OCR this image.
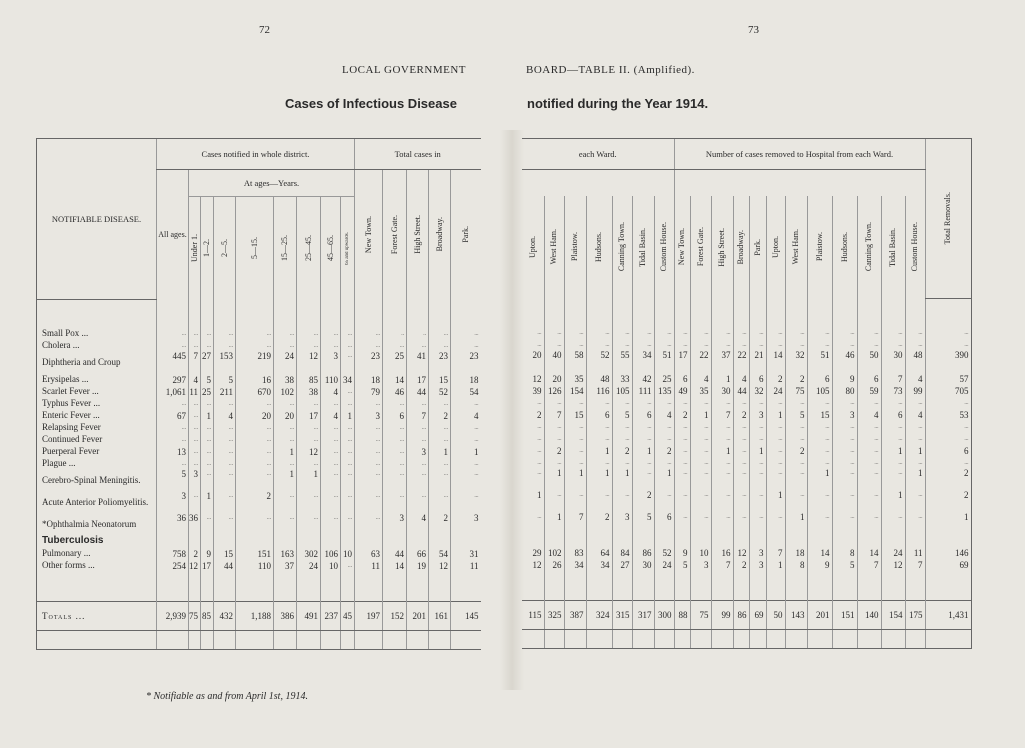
72	73
LOCAL GOVERNMENT	BOARD—TABLE II. (Amplified).
Cases of Infectious Disease	notified during the Year 1914.
NOTIFIABLE DISEASE.	Cases notified in whole district.									Total cases in				
	All ages.	At ages—Years.								New Town.	Forest Gate.	High Street.	Broadway.	Park.

		Under 1.	1—2.	2—5.	5—15.	15—25.	25—45.	45—65.	65 and upwards.					

Small Pox ...	...	...	...	...	...	...	...	...	...	...	..	..	...	...
Cholera ...	...	...	...	...	...	...	...	...	...	...	...	...	...	...
Diphtheria and Croup	445	7	27	153	219	24	12	3	...	23	25	41	23	23
Erysipelas ...	297	4	5	5	16	38	85	110	34	18	14	17	15	18
Scarlet Fever ...	1,061	11	25	211	670	102	38	4	...	79	46	44	52	54
Typhus Fever ...	...	...	...	...	...	...	...	...	...	...	...	...	...	...
Enteric Fever ...	67	...	1	4	20	20	17	4	1	3	6	7	2	4
Relapsing Fever	...	...	...	...	...	...	...	...	...	...	...	...	...	...
Continued Fever	...	...	...	...	...	...	...	...	...	...	...	...	...	...
Puerperal Fever	13	...	...	...	...	1	12	...	...	...	...	3	1	1
Plague ...	...	...	...	...	...	...	...	...	...	...	...	...	...	...
Cerebro-Spinal Meningitis.	5	3	...	...	...	1	1	...	...	...	...	...	...	...
Acute Anterior Poliomyelitis.	3	...	1	...	2	...	...	...	...	...	...	...	...	...
*Ophthalmia Neonatorum	36	36	...	...	...	...	...	...	...	...	3	4	2	3
Tuberculosis														
Pulmonary ...	758	2	9	15	151	163	302	106	10	63	44	66	54	31
Other forms ...	254	12	17	44	110	37	24	10	...	11	14	19	12	11

Totals ...	2,939	75	85	432	1,188	386	491	237	45	197	152	201	161	145

each Ward.							Number of cases removed to Hospital from each Ward.												Total Removals.

Upton.	West Ham.	Plaistow.	Hudsons.	Canning Town.	Tidal Basin.	Custom House.	New Town.	Forest Gate.	High Street.	Broadway.	Park.	Upton.	West Ham.	Plaistow.	Hudsons.	Canning Town.	Tidal Basin.	Custom House.	

...	...	...	...	...	...	...	...	...	...	...	...	...	...	...	...	...	...	...	...
...	...	...	...	...	...	...	...	...	...	...	...	...	...	...	...	...	...	...	...
20	40	58	52	55	34	51	17	22	37	22	21	14	32	51	46	50	30	48	390
12	20	35	48	33	42	25	6	4	1	4	6	2	2	6	9	6	7	4	57
39	126	154	116	105	111	135	49	35	30	44	32	24	75	105	80	59	73	99	705
...	...	...	...	...	...	...	...	...	...	...	...	...	...	...	...	...	...	...	...
2	7	15	6	5	6	4	2	1	7	2	3	1	5	15	3	4	6	4	53
...	...	...	...	...	...	...	...	...	...	...	...	...	...	...	...	...	...	...	...
...	...	...	...	...	...	...	...	...	...	...	...	...	...	...	...	...	...	...	...
...	2	...	1	2	1	2	...	...	1	...	1	...	2	...	...	...	1	1	6
...	...	...	...	...	...	...	...	...	...	...	...	...	...	...	...	...	...	...	...
...	1	1	1	1	...	1	...	...	...	...	...	...	...	1	...	...	...	1	2
1	...	...	...	...	2	...	...	...	...	...	...	1	...	...	...	...	1	...	2
...	1	7	2	3	5	6	...	...	...	...	...	...	1	...	...	...	...	...	1

29	102	83	64	84	86	52	9	10	16	12	3	7	18	14	8	14	24	11	146
12	26	34	34	27	30	24	5	3	7	2	3	1	8	9	5	7	12	7	69

115	325	387	324	315	317	300	88	75	99	86	69	50	143	201	151	140	154	175	1,431

* Notifiable as and from April 1st, 1914.
